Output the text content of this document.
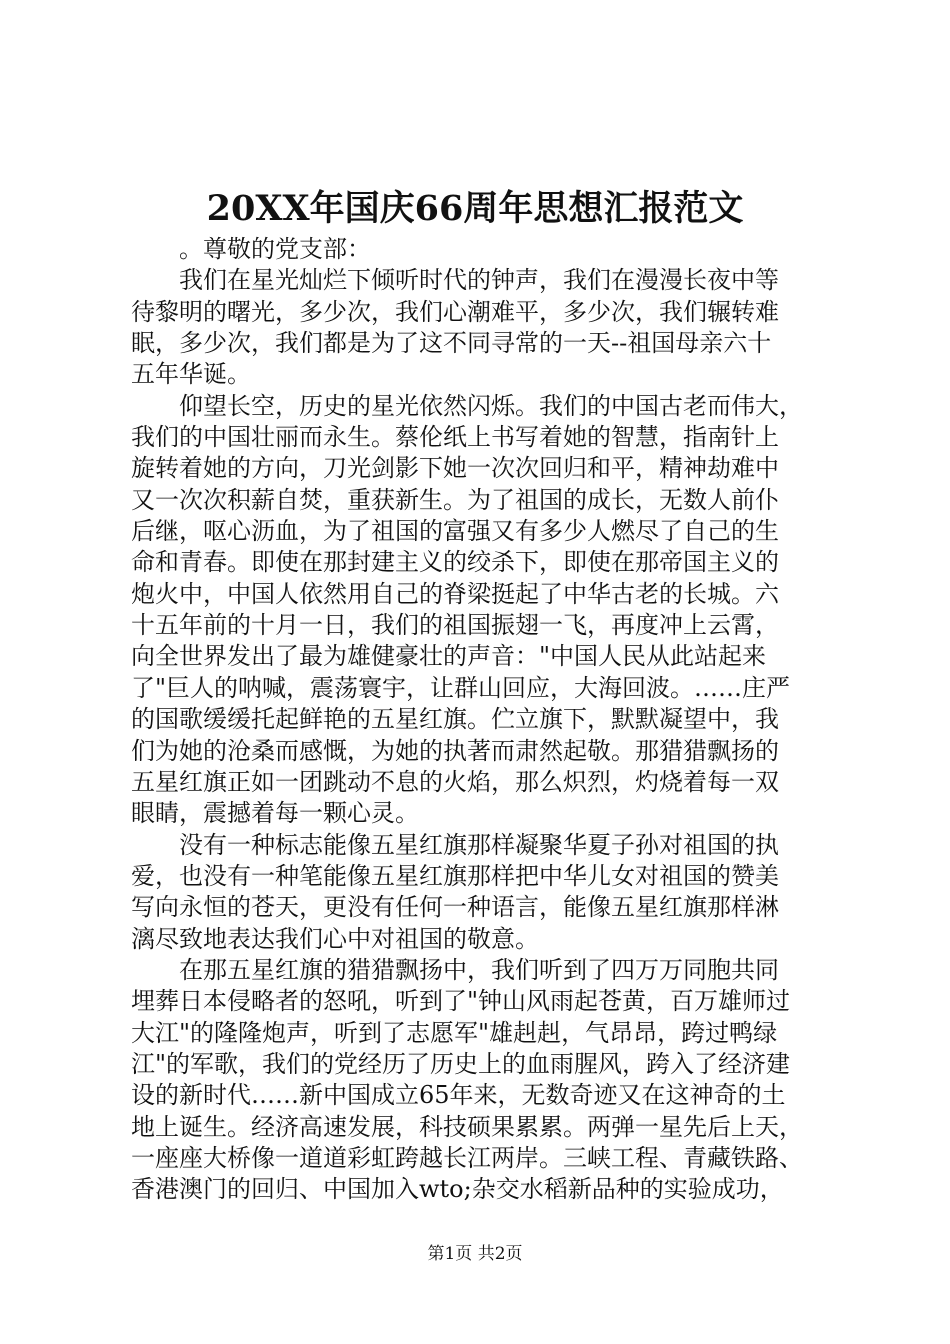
20XX年国庆66周年思想汇报范文

　　。尊敬的党支部：

　　我们在星光灿烂下倾听时代的钟声，我们在漫漫长夜中等

待黎明的曙光，多少次，我们心潮难平，多少次，我们辗转难

眠，多少次，我们都是为了这不同寻常的一天--祖国母亲六十

五年华诞。

　　仰望长空，历史的星光依然闪烁。我们的中国古老而伟大，

我们的中国壮丽而永生。蔡伦纸上书写着她的智慧，指南针上

旋转着她的方向，刀光剑影下她一次次回归和平，精神劫难中

又一次次积薪自焚，重获新生。为了祖国的成长，无数人前仆

后继，呕心沥血，为了祖国的富强又有多少人燃尽了自己的生

命和青春。即使在那封建主义的绞杀下，即使在那帝国主义的

炮火中，中国人依然用自己的脊梁挺起了中华古老的长城。六

十五年前的十月一日，我们的祖国振翅一飞，再度冲上云霄，

向全世界发出了最为雄健豪壮的声音："中国人民从此站起来

了"巨人的呐喊，震荡寰宇，让群山回应，大海回波。……庄严

的国歌缓缓托起鲜艳的五星红旗。伫立旗下，默默凝望中，我

们为她的沧桑而感慨，为她的执著而肃然起敬。那猎猎飘扬的

五星红旗正如一团跳动不息的火焰，那么炽烈，灼烧着每一双

眼睛，震撼着每一颗心灵。

　　没有一种标志能像五星红旗那样凝聚华夏子孙对祖国的执

爱，也没有一种笔能像五星红旗那样把中华儿女对祖国的赞美

写向永恒的苍天，更没有任何一种语言，能像五星红旗那样淋

漓尽致地表达我们心中对祖国的敬意。

　　在那五星红旗的猎猎飘扬中，我们听到了四万万同胞共同

埋葬日本侵略者的怒吼，听到了"钟山风雨起苍黄，百万雄师过

大江"的隆隆炮声，听到了志愿军"雄赳赳，气昂昂，跨过鸭绿

江"的军歌，我们的党经历了历史上的血雨腥风，跨入了经济建

设的新时代……新中国成立65年来，无数奇迹又在这神奇的土

地上诞生。经济高速发展，科技硕果累累。两弹一星先后上天，

一座座大桥像一道道彩虹跨越长江两岸。三峡工程、青藏铁路、

香港澳门的回归、中国加入wto;杂交水稻新品种的实验成功，

第1页 共2页
